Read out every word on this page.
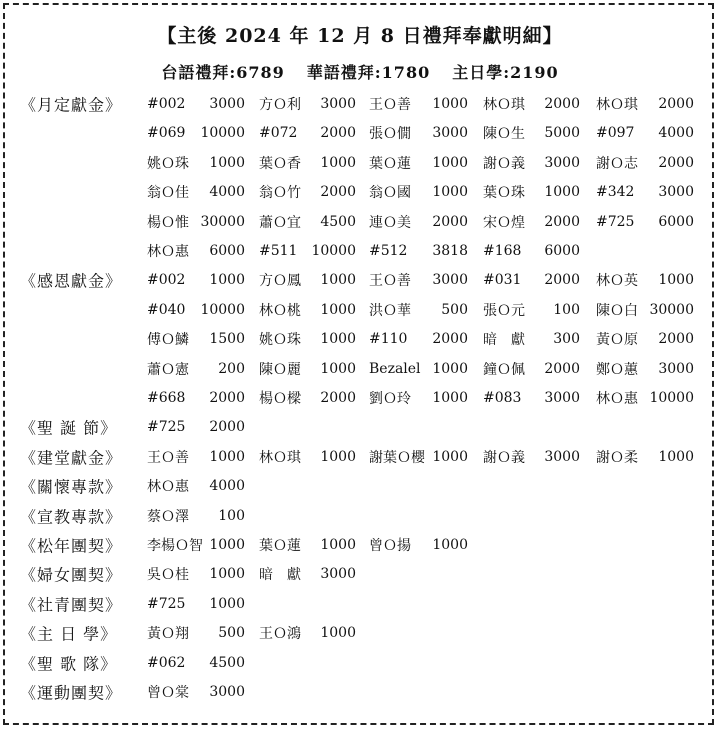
【主後 2024 年 12 月 8 日禮拜奉獻明細】
台語禮拜:6789 華語禮拜:1780 主日學:2190
《月定獻金》 #002 3000 方Ｏ利 3000 王Ｏ善 1000 林Ｏ琪 2000 林Ｏ琪 2000
#069 10000 #072 2000 張Ｏ僩 3000 陳Ｏ生 5000 #097 4000
姚Ｏ珠 1000 葉Ｏ香 1000 葉Ｏ蓮 1000 謝Ｏ義 3000 謝Ｏ志 2000
翁Ｏ佳 4000 翁Ｏ竹 2000 翁Ｏ國 1000 葉Ｏ珠 1000 #342 3000
楊Ｏ惟 30000 蕭Ｏ宜 4500 連Ｏ美 2000 宋Ｏ煌 2000 #725 6000
林Ｏ惠 6000 #511 10000 #512 3818 #168 6000
《感恩獻金》 #002 1000 方Ｏ鳳 1000 王Ｏ善 3000 #031 2000 林Ｏ英 1000
#040 10000 林Ｏ桃 1000 洪Ｏ華 500 張Ｏ元 100 陳Ｏ白 30000
傅Ｏ鱗 1500 姚Ｏ珠 1000 #110 2000 暗　獻 300 黃Ｏ原 2000
蕭Ｏ憲 200 陳Ｏ麗 1000 Bezalel 1000 鐘Ｏ佩 2000 鄭Ｏ蕙 3000
#668 2000 楊Ｏ樑 2000 劉Ｏ玲 1000 #083 3000 林Ｏ惠 10000
《聖 誕 節》 #725 2000
《建堂獻金》 王Ｏ善 1000 林Ｏ琪 1000 謝葉Ｏ櫻 1000 謝Ｏ義 3000 謝Ｏ柔 1000
《關懷專款》 林Ｏ惠 4000
《宣教專款》 蔡Ｏ澤 100
《松年團契》 李楊Ｏ智 1000 葉Ｏ蓮 1000 曾Ｏ揚 1000
《婦女團契》 吳Ｏ桂 1000 暗　獻 3000
《社青團契》 #725 1000
《主 日 學》 黃Ｏ翔 500 王Ｏ鴻 1000
《聖 歌 隊》 #062 4500
《運動團契》 曾Ｏ棠 3000
